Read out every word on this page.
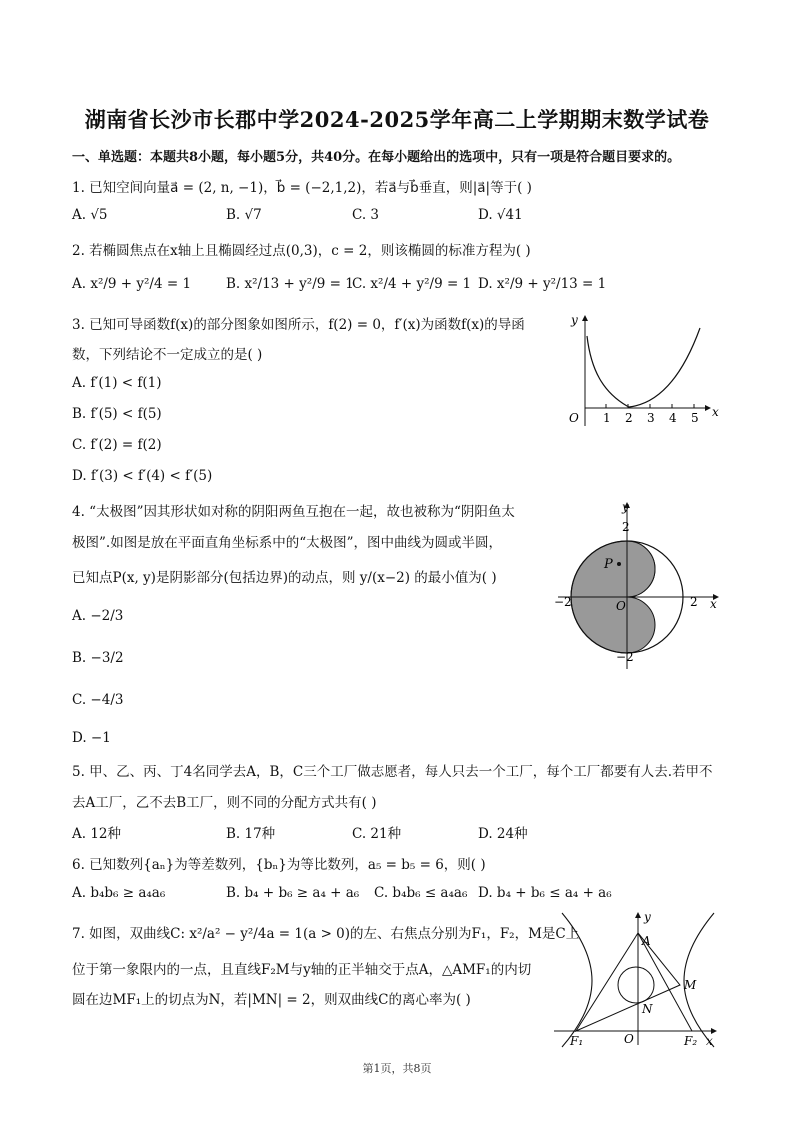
湖南省长沙市长郡中学2024-2025学年高二上学期期末数学试卷
一、单选题：本题共8小题，每小题5分，共40分。在每小题给出的选项中，只有一项是符合题目要求的。
1. 已知空间向量a⃗ = (2, n, −1)，b⃗ = (−2,1,2)，若a⃗与b⃗垂直，则|a⃗|等于( )
A. √5	B. √7	C. 3	D. √41
2. 若椭圆焦点在x轴上且椭圆经过点(0,3)，c = 2，则该椭圆的标准方程为( )
A. x²/9 + y²/4 = 1	B. x²/13 + y²/9 = 1
C. x²/4 + y²/9 = 1 D. x²/9 + y²/13 = 1
3. 已知可导函数f(x)的部分图象如图所示，f(2) = 0，f′(x)为函数f(x)的导函
数，下列结论不一定成立的是( )
A. f′(1) < f(1)
B. f′(5) < f(5)
C. f′(2) = f(2)
D. f′(3) < f′(4) < f′(5)
O 1 2 3 4 5 x
y
4. “太极图”因其形状如对称的阴阳两鱼互抱在一起，故也被称为“阴阳鱼太
极图”.如图是放在平面直角坐标系中的“太极图”，图中曲线为圆或半圆，
已知点P(x, y)是阴影部分(包括边界)的动点，则 y/(x−2) 的最小值为( )
A. −2/3
B. −3/2
C. −4/3
D. −1
P
O
2
−2
−2	2 x
y
5. 甲、乙、丙、丁4名同学去A，B，C三个工厂做志愿者，每人只去一个工厂，每个工厂都要有人去.若甲不
去A工厂，乙不去B工厂，则不同的分配方式共有( )
A. 12种	B. 17种	C. 21种	D. 24种
6. 已知数列{aₙ}为等差数列，{bₙ}为等比数列，a₅ = b₅ = 6，则( )
A. b₄b₆ ≥ a₄a₆	B. b₄ + b₆ ≥ a₄ + a₆ C. b₄b₆ ≤ a₄a₆ D. b₄ + b₆ ≤ a₄ + a₆
7. 如图，双曲线C: x²/a² − y²/4a = 1(a > 0)的左、右焦点分别为F₁，F₂，M是C上
位于第一象限内的一点，且直线F₂M与y轴的正半轴交于点A，△AMF₁的内切
圆在边MF₁上的切点为N，若|MN| = 2，则双曲线C的离心率为( )
A
M
N
O
F₁	F₂ x
y
第1页，共8页
